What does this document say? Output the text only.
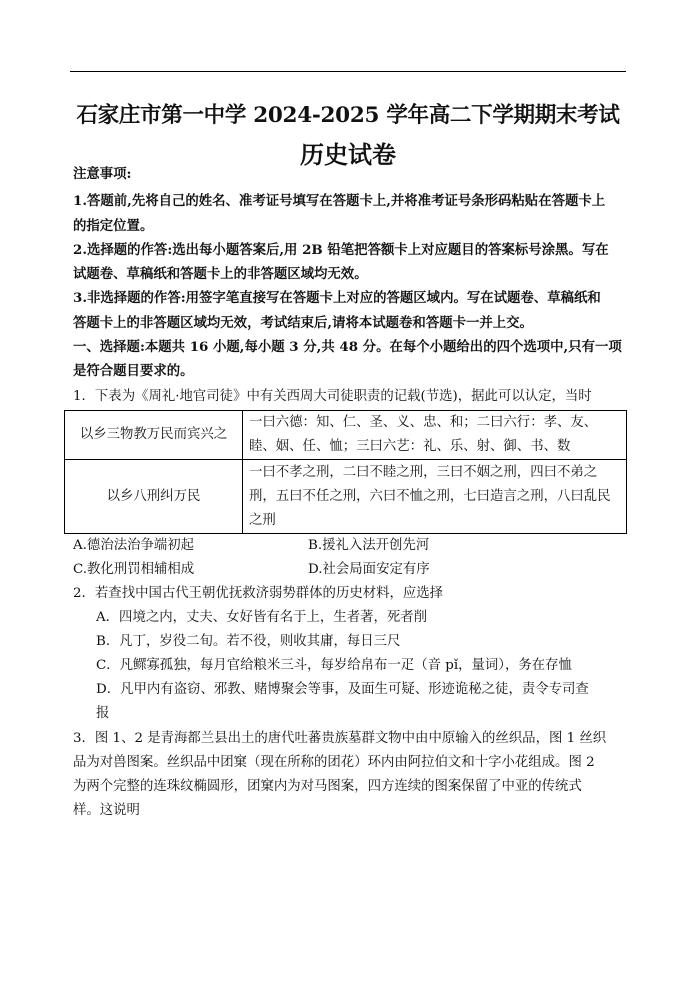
石家庄市第一中学 2024-2025 学年高二下学期期末考试
历史试卷
注意事项:
1.答题前,先将自己的姓名、准考证号填写在答题卡上,并将准考证号条形码粘贴在答题卡上
的指定位置。
2.选择题的作答:选出每小题答案后,用 2B 铅笔把答额卡上对应题目的答案标号涂黑。写在
试题卷、草稿纸和答题卡上的非答题区域均无效。
3.非选择题的作答:用签字笔直接写在答题卡上对应的答题区域内。写在试题卷、草稿纸和
答题卡上的非答题区域均无效，考试结束后,请将本试题卷和答题卡一并上交。
一、选择题:本题共 16 小题,每小题 3 分,共 48 分。在每个小题给出的四个选项中,只有一项
是符合题目要求的。
1．下表为《周礼·地官司徒》中有关西周大司徒职责的记载(节选)，据此可以认定，当时
以乡三物教万民而宾兴之	一曰六德：知、仁、圣、义、忠、和；二曰六行：孝、友、睦、姻、任、恤；三曰六艺：礼、乐、射、御、书、数

以乡八刑纠万民	一曰不孝之刑，二曰不睦之刑，三曰不姻之刑，四曰不弟之刑，五曰不任之刑，六曰不恤之刑，七曰造言之刑，八曰乱民之刑
A.德治法治争端初起	B.援礼入法开创先河
C.教化刑罚相辅相成	D.社会局面安定有序
2．若查找中国古代王朝优抚救济弱势群体的历史材料，应选择
A．四境之内，丈夫、女好皆有名于上，生者著，死者削
B．凡丁，岁役二旬。若不役，则收其庸，每日三尺
C．凡鳏寡孤独，每月官给粮米三斗，每岁给帛布一疋（音 pǐ，量词），务在存恤
D．凡甲内有盗窃、邪教、赌博聚会等事，及面生可疑、形迹诡秘之徒，责令专司查
报
3．图 1、2 是青海都兰县出土的唐代吐蕃贵族墓群文物中由中原输入的丝织品，图 1 丝织
品为对兽图案。丝织品中团窠（现在所称的团花）环内由阿拉伯文和十字小花组成。图 2
为两个完整的连珠纹椭圆形，团窠内为对马图案，四方连续的图案保留了中亚的传统式
样。这说明
